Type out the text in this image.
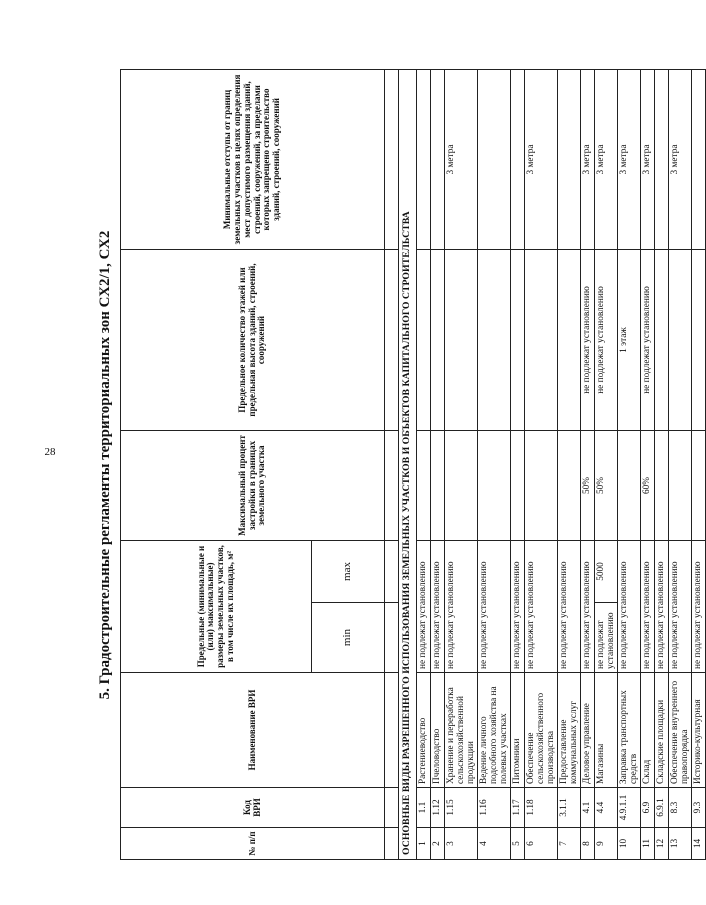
28	5. Градостроительные регламенты территориальных зон СХ2/1, СХ2
№ п/п	Код ВРИ	Наименование ВРИ	Предельные (минимальные и (или) максимальные) размеры земельных участков, в том числе их площадь, м²		Максимальный процент застройки в границах земельного участка	Предельное количество этажей или предельная высота зданий, строений, сооружений	Минимальные отступы от границ земельных участков в целях определения мест допустимого размещения зданий, строений, сооружений, за пределами которых запрещено строительство зданий, строений, сооружений
			min	max			

ОСНОВНЫЕ ВИДЫ РАЗРЕШЕННОГО ИСПОЛЬЗОВАНИЯ ЗЕМЕЛЬНЫХ УЧАСТКОВ И ОБЪЕКТОВ КАПИТАЛЬНОГО СТРОИТЕЛЬСТВА							
1	1.1	Растениеводство	не подлежат установлению				
2	1.12	Пчеловодство	не подлежат установлению				
3	1.15	Хранение и переработка сельскохозяйственной продукции	не подлежат установлению				3 метра
4	1.16	Ведение личного подсобного хозяйства на полевых участках	не подлежат установлению				
5	1.17	Питомники	не подлежат установлению				
6	1.18	Обеспечение сельскохозяйственного производства	не подлежат установлению				3 метра
7	3.1.1	Предоставление коммунальных услуг	не подлежат установлению				
8	4.1	Деловое управление	не подлежат установлению		50%	не подлежат установлению	3 метра
9	4.4	Магазины	не подлежат установлению	5000	50%	не подлежат установлению	3 метра
10	4.9.1.1	Заправка транспортных средств	не подлежат установлению			1 этаж	3 метра
11	6.9	Склад	не подлежат установлению		60%	не подлежат установлению	3 метра
12	6.9.1	Складские площадки	не подлежат установлению				
13	8.3	Обеспечение внутреннего правопорядка	не подлежат установлению				3 метра
14	9.3	Историко-культурная	не подлежат установлению				
